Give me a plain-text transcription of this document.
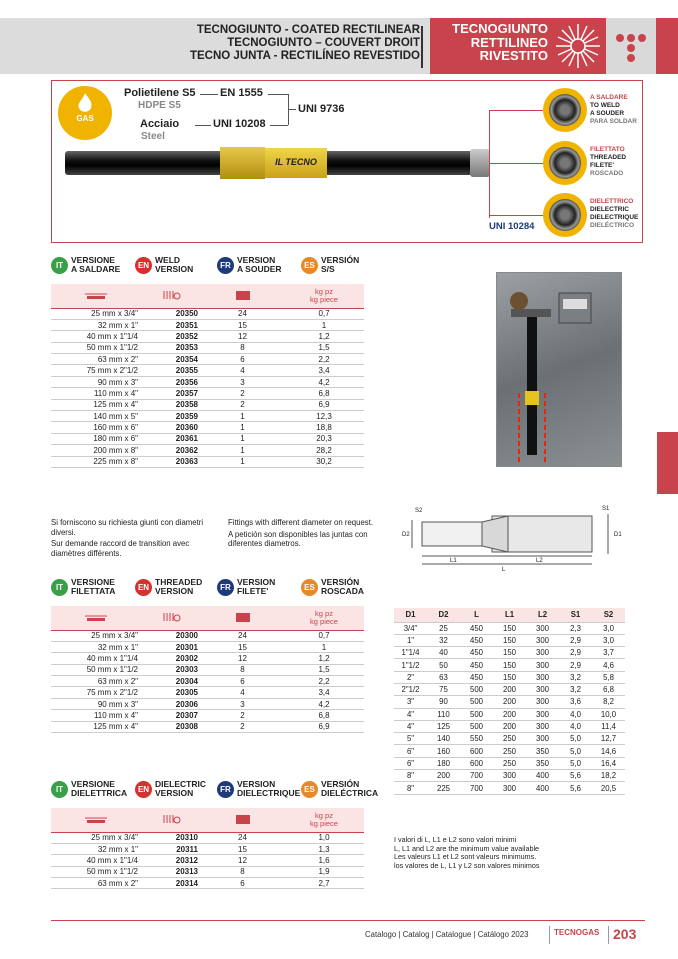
TECNOGIUNTO - COATED RECTILINEAR
TECNOGIUNTO – COUVERT DROIT
TECNO JUNTA - RECTILÍNEO REVESTIDO
TECNOGIUNTO
RETTILINEO
RIVESTITO
GAS
Polietilene S5
HDPE S5
Acciaio
Steel
EN 1555
UNI 10208
UNI 9736
IL TECNO
A SALDARE
TO WELD
A SOUDER
PARA SOLDAR
FILETTATO
THREADED
FILETE'
ROSCADO
DIELETTRICO
DIELECTRIC
DIELECTRIQUE
DIELÉCTRICO
UNI 10284
IT VERSIONE
A SALDARE	EN WELD
VERSION	FR VERSION
A SOUDER	ES VERSIÓN
S/S

kg pz
kg piece

25 mm x 3/4"	20350	24	0,7
32 mm x 1"	20351	15	1
40 mm x 1"1/4	20352	12	1,2
50 mm x 1"1/2	20353	8	1,5
63 mm x 2"	20354	6	2,2
75 mm x 2"1/2	20355	4	3,4
90 mm x 3"	20356	3	4,2
110 mm x 4"	20357	2	6,8
125 mm x 4"	20358	2	6,9
140 mm x 5"	20359	1	12,3
160 mm x 6"	20360	1	18,8
180 mm x 6"	20361	1	20,3
200 mm x 8"	20362	1	28,2
225 mm x 8"	20363	1	30,2
Si forniscono su richiesta giunti con diametri diversi.
Sur demande raccord de transition avec diamètres différents.
Fittings with different diameter on request.
A petición son disponibles las juntas con diferentes diametros.
IT VERSIONE
FILETTATA	EN THREADED
VERSION	FR VERSION
FILETE'	ES VERSIÓN
ROSCADA

kg pz
kg piece

25 mm x 3/4"	20300	24	0,7
32 mm x 1"	20301	15	1
40 mm x 1"1/4	20302	12	1,2
50 mm x 1"1/2	20303	8	1,5
63 mm x 2"	20304	6	2,2
75 mm x 2"1/2	20305	4	3,4
90 mm x 3"	20306	3	4,2
110 mm x 4"	20307	2	6,8
125 mm x 4"	20308	2	6,9
IT VERSIONE
DIELETTRICA	EN DIELECTRIC
VERSION	FR VERSION
DIELECTRIQUE ES VERSIÓN
DIELÉCTRICA

kg pz
kg piece

25 mm x 3/4"	20310	24	1,0
32 mm x 1"	20311	15	1,3
40 mm x 1"1/4	20312	12	1,6
50 mm x 1"1/2	20313	8	1,9
63 mm x 2"	20314	6	2,7
S2	S1
D2	D1
L1	L2
L
D1	D2	L	L1	L2	S1	S2
3/4"	25	450	150	300	2,3	3,0
1"	32	450	150	300	2,9	3,0
1"1/4	40	450	150	300	2,9	3,7
1"1/2	50	450	150	300	2,9	4,6
2"	63	450	150	300	3,2	5,8
2"1/2	75	500	200	300	3,2	6,8
3"	90	500	200	300	3,6	8,2
4"	110	500	200	300	4,0	10,0
4"	125	500	200	300	4,0	11,4
5"	140	550	250	300	5,0	12,7
6"	160	600	250	350	5,0	14,6
6"	180	600	250	350	5,0	16,4
8"	200	700	300	400	5,6	18,2
8"	225	700	300	400	5,6	20,5
I valori di L, L1 e L2 sono valori minimi
L, L1 and L2 are the minimum value available
Les valeurs L1 et L2 sont valeurs minimums.
los valores de L, L1 y L2 son valores minimos
Catalogo | Catalog | Catalogue | Catálogo 2023	TECNOGAS 203
